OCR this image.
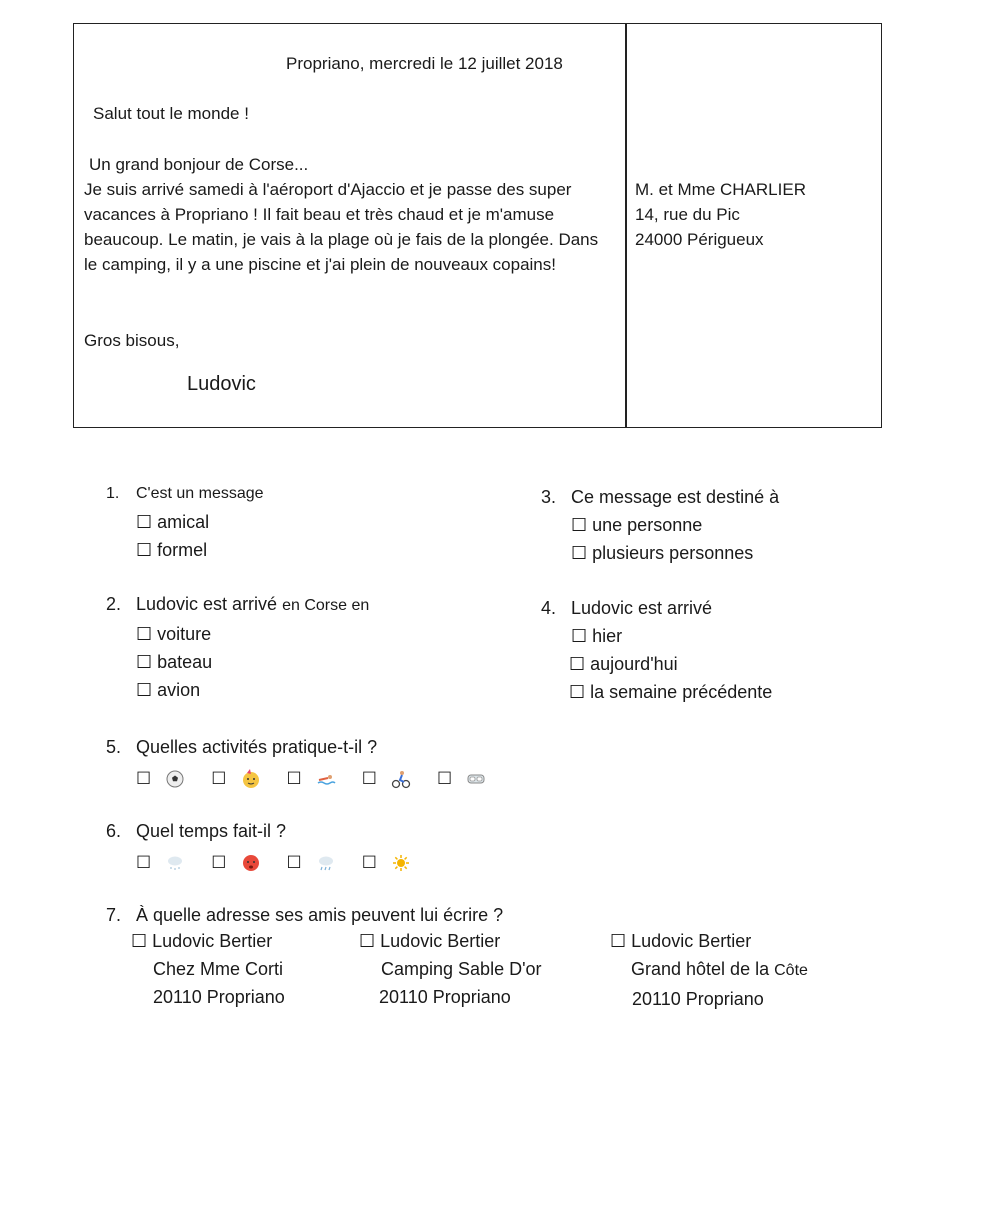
Propriano, mercredi le 12 juillet 2018
Salut tout le monde !
Un grand bonjour de Corse...
Je suis arrivé samedi à l'aéroport d'Ajaccio et je passe des super vacances à Propriano ! Il fait beau et très chaud et je m'amuse beaucoup. Le matin, je vais à la plage où je fais de la plongée. Dans le camping, il y a une piscine et j'ai plein de nouveaux copains!
Gros bisous,
Ludovic
M. et Mme CHARLIER
14, rue du Pic
24000 Périgueux
1. C'est un message
☐ amical
☐ formel
2. Ludovic est arrivé en Corse en
☐ voiture
☐ bateau
☐ avion
3. Ce message est destiné à
☐ une personne
☐ plusieurs personnes
4. Ludovic est arrivé
☐ hier
☐ aujourd'hui
☐ la semaine précédente
5. Quelles activités pratique-t-il ?
☐	☐	☐	☐	☐
6. Quel temps fait-il ?
☐	☐	☐	☐
7. À quelle adresse ses amis peuvent lui écrire ?
☐ Ludovic Bertier
Chez Mme Corti
20110 Propriano
☐ Ludovic Bertier
Camping Sable D'or
20110 Propriano
☐ Ludovic Bertier
Grand hôtel de la Côte
20110 Propriano
